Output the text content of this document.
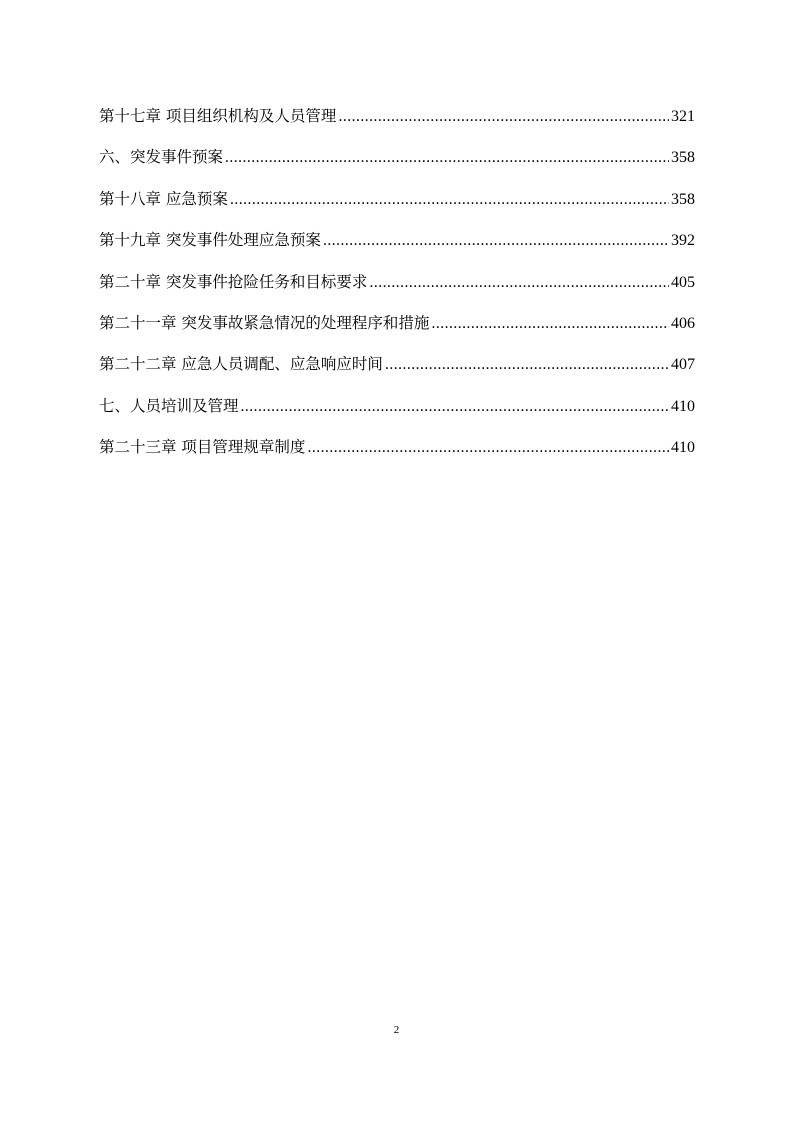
第十七章 项目组织机构及人员管理 .....	321
六、突发事件预案 .....	358
第十八章 应急预案 .....	358
第十九章 突发事件处理应急预案 .....	392
第二十章 突发事件抢险任务和目标要求 .....	405
第二十一章 突发事故紧急情况的处理程序和措施 .....	406
第二十二章 应急人员调配、应急响应时间 .....	407
七、人员培训及管理 .....	410
第二十三章 项目管理规章制度 .....	410
2
